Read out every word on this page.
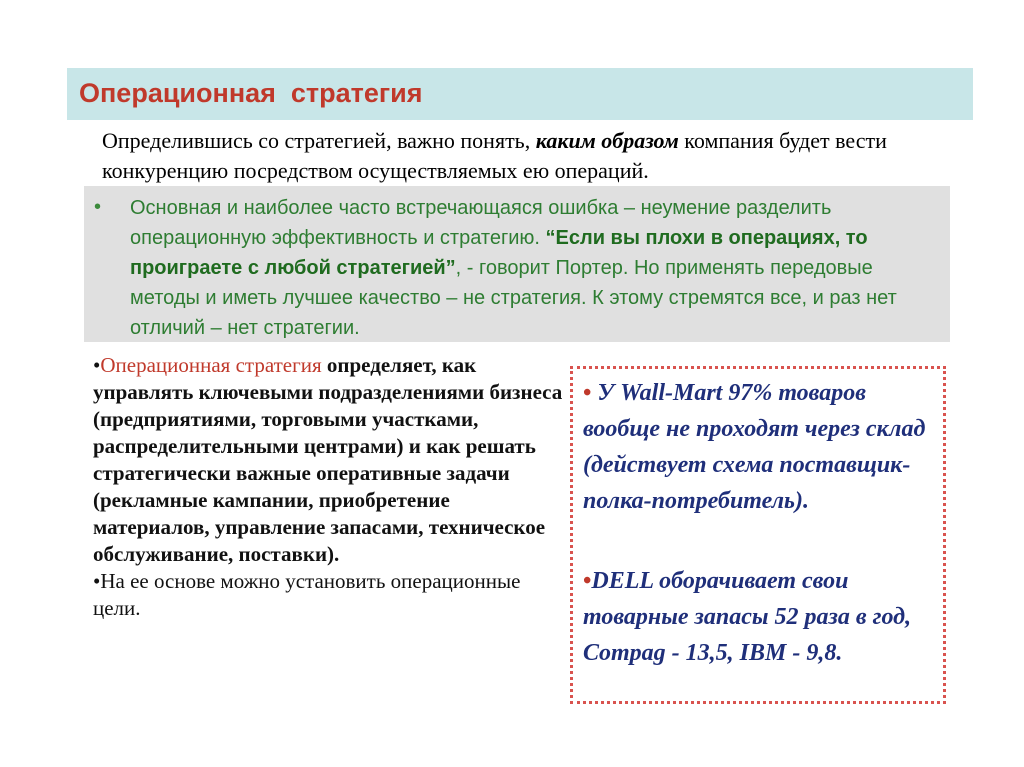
Операционная  стратегия
Определившись со стратегией, важно понять, каким образом компания будет вести конкуренцию посредством осуществляемых ею операций.
• Основная и наиболее часто встречающаяся ошибка – неумение разделить операционную эффективность и стратегию. “Если вы плохи в операциях, то проиграете с любой стратегией”, - говорит Портер. Но применять передовые методы и иметь лучшее качество – не стратегия. К этому стремятся все, и раз нет отличий – нет стратегии.
•Операционная стратегия определяет, как управлять ключевыми подразделениями бизнеса (предприятиями, торговыми участками, распределительными центрами) и как решать стратегически важные оперативные задачи (рекламные кампании, приобретение материалов, управление запасами, техническое обслуживание, поставки).
•На ее основе можно установить операционные цели.
• У Wall-Mart 97% товаров вообще не проходят через склад (действует схема поставщик-полка-потребитель).
•DELL оборачивает свои товарные запасы 52 раза в год, Compag - 13,5, IBM - 9,8.
